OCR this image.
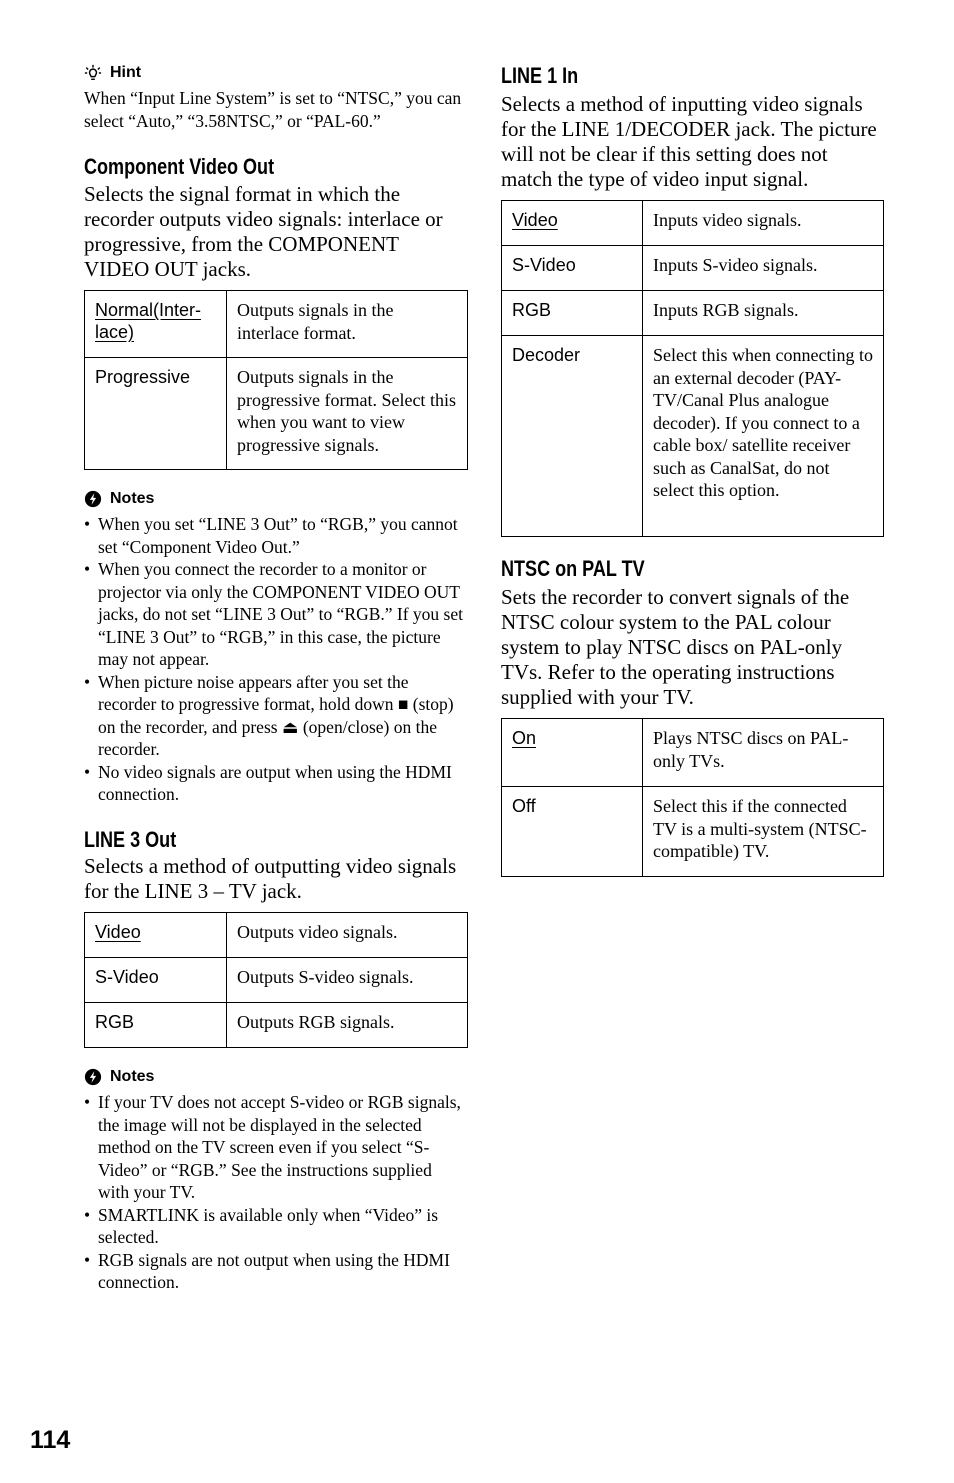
Hint
When “Input Line System” is set to “NTSC,” you can select “Auto,” “3.58NTSC,” or “PAL-60.”
Component Video Out
Selects the signal format in which the recorder outputs video signals: interlace or progressive, from the COMPONENT VIDEO OUT jacks.
Normal(Inter-
lace)	Outputs signals in the interlace format.
Progressive	Outputs signals in the progressive format. Select this when you want to view progressive signals.
Notes
• When you set “LINE 3 Out” to “RGB,” you cannot set “Component Video Out.”
• When you connect the recorder to a monitor or projector via only the COMPONENT VIDEO OUT jacks, do not set “LINE 3 Out” to “RGB.” If you set “LINE 3 Out” to “RGB,” in this case, the picture may not appear.
• When picture noise appears after you set the recorder to progressive format, hold down ■ (stop) on the recorder, and press ⏏ (open/close) on the recorder.
• No video signals are output when using the HDMI connection.
LINE 3 Out
Selects a method of outputting video signals for the LINE 3 – TV jack.
Video	Outputs video signals.
S-Video	Outputs S-video signals.
RGB	Outputs RGB signals.
Notes
• If your TV does not accept S-video or RGB signals, the image will not be displayed in the selected method on the TV screen even if you select “S-Video” or “RGB.” See the instructions supplied with your TV.
• SMARTLINK is available only when “Video” is selected.
• RGB signals are not output when using the HDMI connection.
LINE 1 In
Selects a method of inputting video signals for the LINE 1/DECODER jack. The picture will not be clear if this setting does not match the type of video input signal.
Video	Inputs video signals.
S-Video	Inputs S-video signals.
RGB	Inputs RGB signals.
Decoder	Select this when connecting to an external decoder (PAY-TV/Canal Plus analogue decoder). If you connect to a cable box/ satellite receiver such as CanalSat, do not select this option.
NTSC on PAL TV
Sets the recorder to convert signals of the NTSC colour system to the PAL colour system to play NTSC discs on PAL-only TVs. Refer to the operating instructions supplied with your TV.
On	Plays NTSC discs on PAL-only TVs.
Off	Select this if the connected TV is a multi-system (NTSC-compatible) TV.
114
